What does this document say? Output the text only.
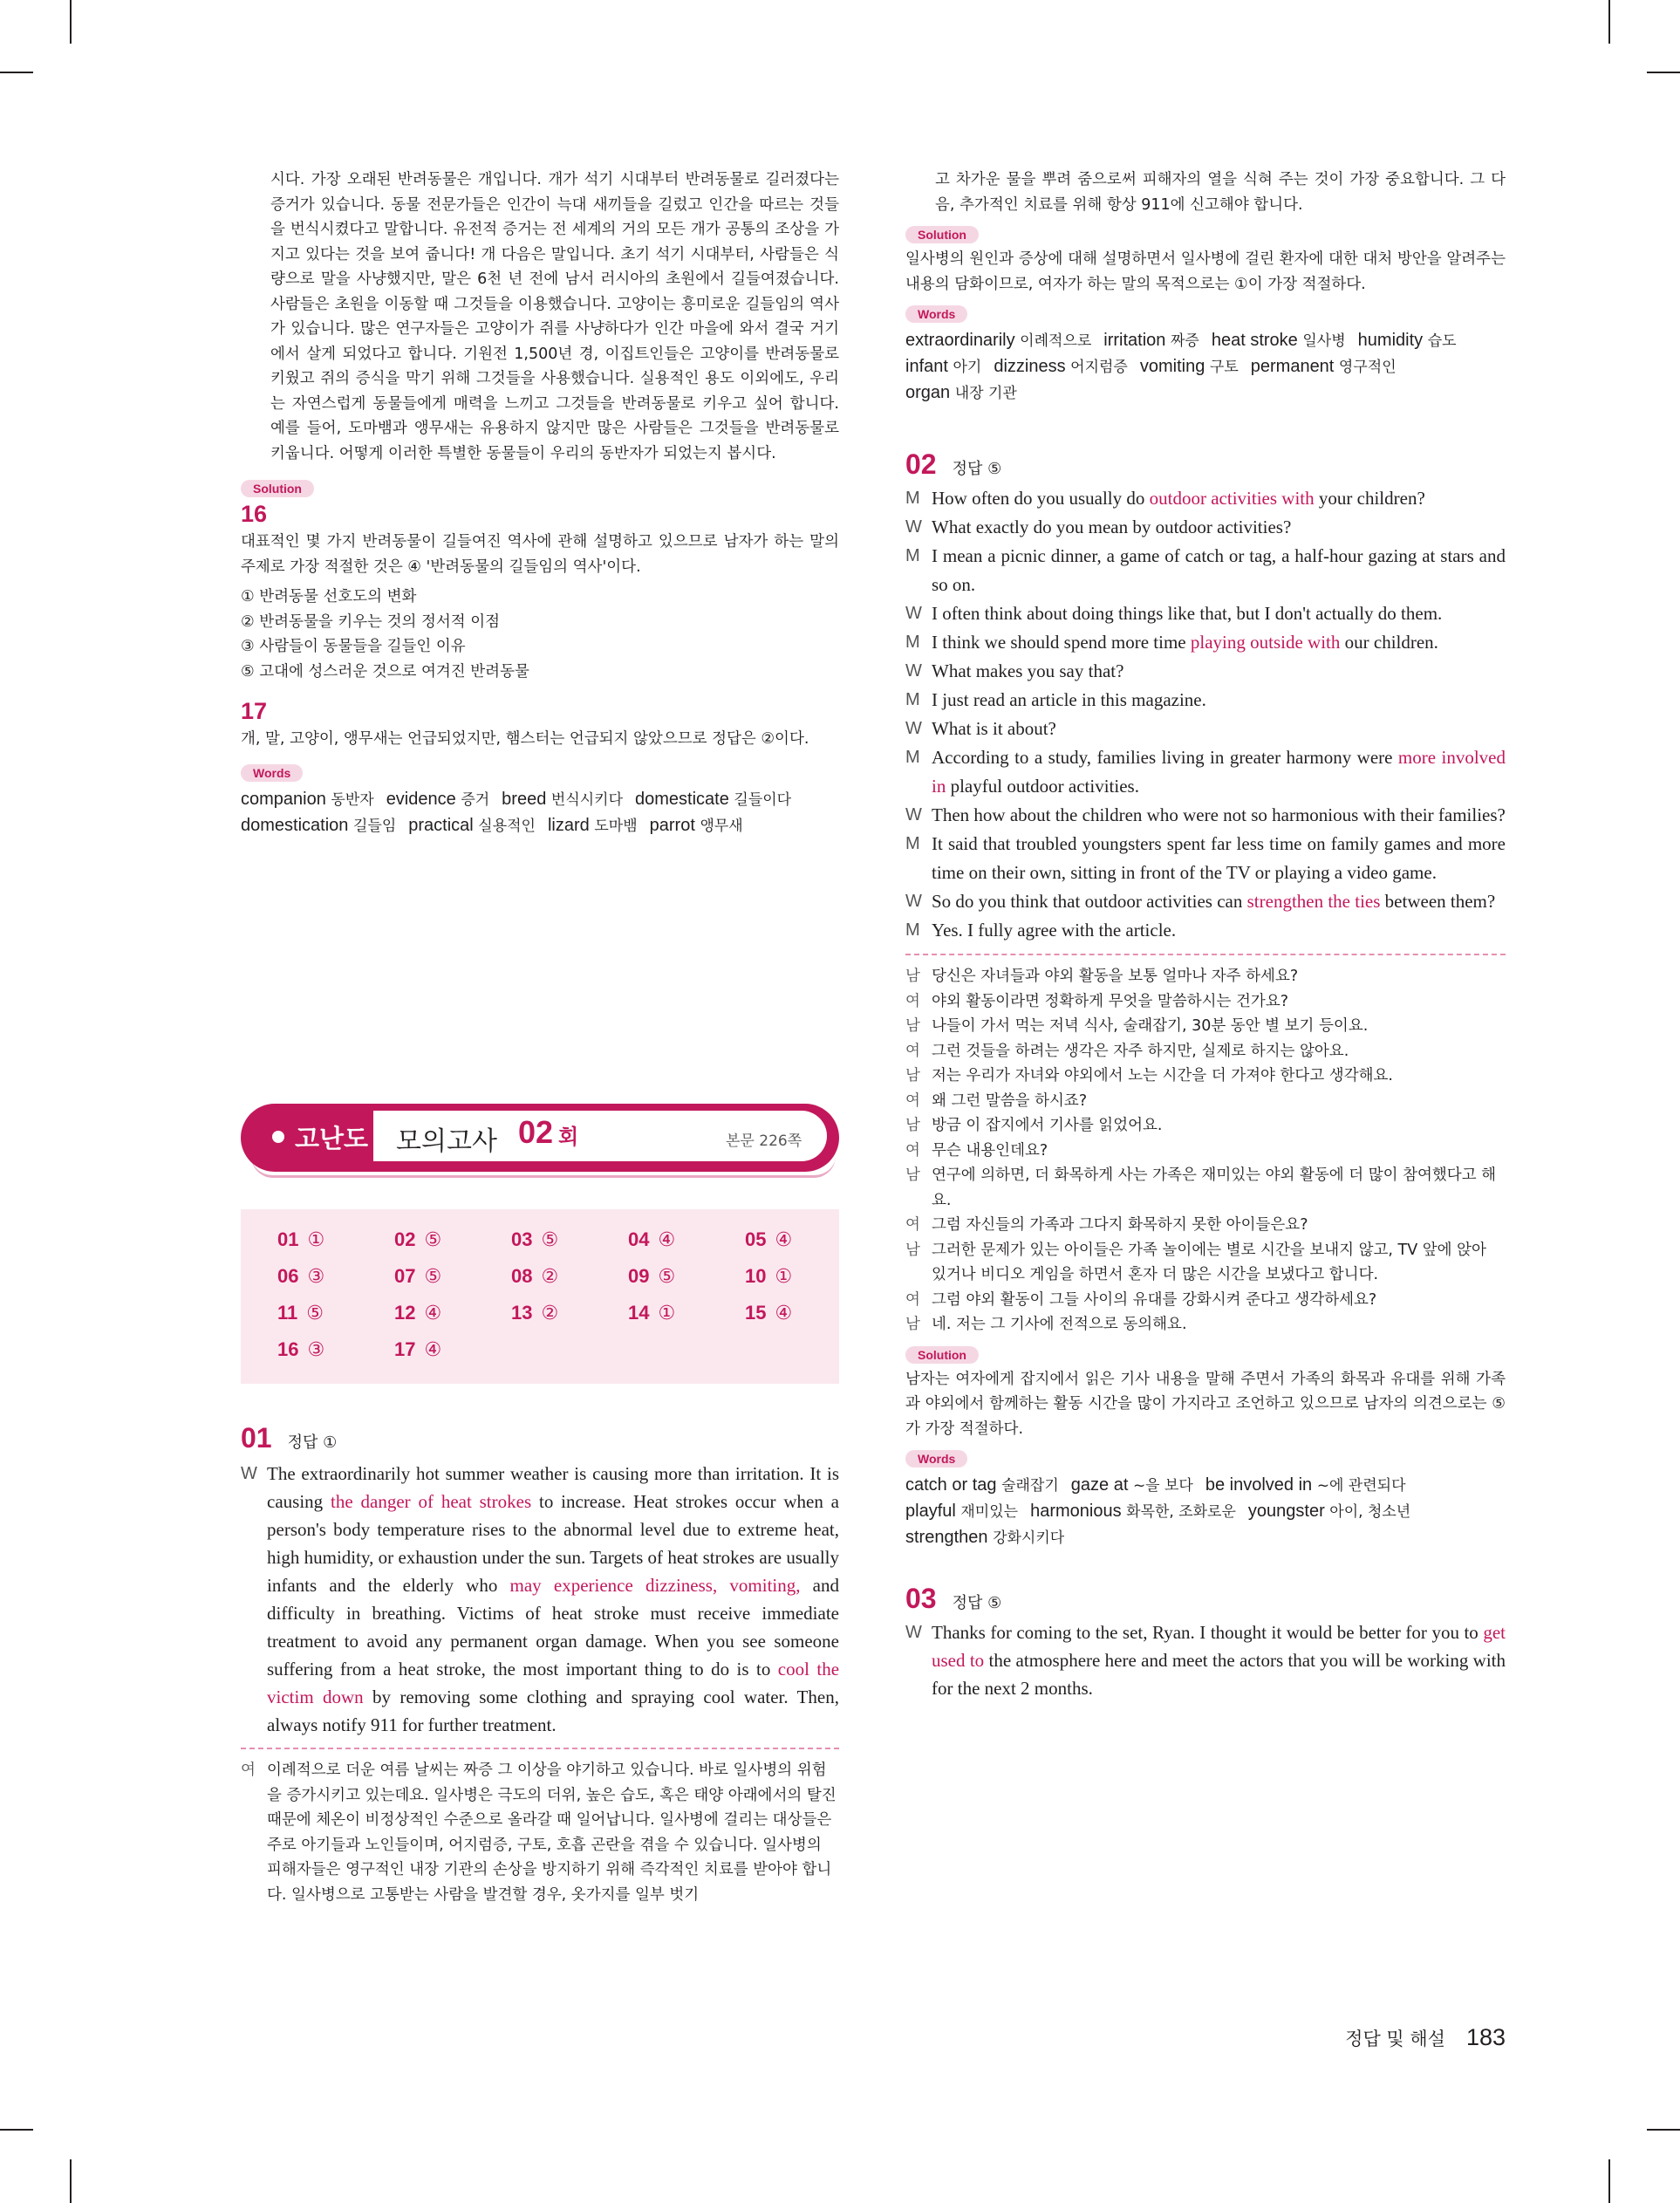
시다. 가장 오래된 반려동물은 개입니다. 개가 석기 시대부터 반려동물로 길러졌다는 증거가 있습니다. 동물 전문가들은 인간이 늑대 새끼들을 길렀고 인간을 따르는 것들을 번식시켰다고 말합니다. 유전적 증거는 전 세계의 거의 모든 개가 공통의 조상을 가지고 있다는 것을 보여 줍니다! 개 다음은 말입니다. 초기 석기 시대부터, 사람들은 식량으로 말을 사냥했지만, 말은 6천 년 전에 남서 러시아의 초원에서 길들여졌습니다. 사람들은 초원을 이동할 때 그것들을 이용했습니다. 고양이는 흥미로운 길들임의 역사가 있습니다. 많은 연구자들은 고양이가 쥐를 사냥하다가 인간 마을에 와서 결국 거기에서 살게 되었다고 합니다. 기원전 1,500년 경, 이집트인들은 고양이를 반려동물로 키웠고 쥐의 증식을 막기 위해 그것들을 사용했습니다. 실용적인 용도 이외에도, 우리는 자연스럽게 동물들에게 매력을 느끼고 그것들을 반려동물로 키우고 싶어 합니다. 예를 들어, 도마뱀과 앵무새는 유용하지 않지만 많은 사람들은 그것들을 반려동물로 키웁니다. 어떻게 이러한 특별한 동물들이 우리의 동반자가 되었는지 봅시다.
Solution
16
대표적인 몇 가지 반려동물이 길들여진 역사에 관해 설명하고 있으므로 남자가 하는 말의 주제로 가장 적절한 것은 ④ '반려동물의 길들임의 역사'이다.
① 반려동물 선호도의 변화
② 반려동물을 키우는 것의 정서적 이점
③ 사람들이 동물들을 길들인 이유
⑤ 고대에 성스러운 것으로 여겨진 반려동물
17
개, 말, 고양이, 앵무새는 언급되었지만, 햄스터는 언급되지 않았으므로 정답은 ②이다.
Words
companion 동반자 evidence 증거 breed 번식시키다 domesticate 길들이다domestication 길들임 practical 실용적인 lizard 도마뱀 parrot 앵무새
고난도 모의고사 02 회	본문 226쪽
01 ①	02 ⑤	03 ⑤	04 ④	05 ④
06 ③	07 ⑤	08 ②	09 ⑤	10 ①
11 ⑤	12 ④	13 ②	14 ①	15 ④
16 ③	17 ④
01 정답 ①
W The extraordinarily hot summer weather is causing more than irritation. It is causing the danger of heat strokes to increase. Heat strokes occur when a person's body temperature rises to the abnormal level due to extreme heat, high humidity, or exhaustion under the sun. Targets of heat strokes are usually infants and the elderly who may experience dizziness, vomiting, and difficulty in breathing. Victims of heat stroke must receive immediate treatment to avoid any permanent organ damage. When you see someone suffering from a heat stroke, the most important thing to do is to cool the victim down by removing some clothing and spraying cool water. Then, always notify 911 for further treatment.
여 이례적으로 더운 여름 날씨는 짜증 그 이상을 야기하고 있습니다. 바로 일사병의 위험을 증가시키고 있는데요. 일사병은 극도의 더위, 높은 습도, 혹은 태양 아래에서의 탈진 때문에 체온이 비정상적인 수준으로 올라갈 때 일어납니다. 일사병에 걸리는 대상들은 주로 아기들과 노인들이며, 어지럼증, 구토, 호흡 곤란을 겪을 수 있습니다. 일사병의 피해자들은 영구적인 내장 기관의 손상을 방지하기 위해 즉각적인 치료를 받아야 합니다. 일사병으로 고통받는 사람을 발견할 경우, 옷가지를 일부 벗기
고 차가운 물을 뿌려 줌으로써 피해자의 열을 식혀 주는 것이 가장 중요합니다. 그 다음, 추가적인 치료를 위해 항상 911에 신고해야 합니다.
Solution
일사병의 원인과 증상에 대해 설명하면서 일사병에 걸린 환자에 대한 대처 방안을 알려주는 내용의 담화이므로, 여자가 하는 말의 목적으로는 ①이 가장 적절하다.
Words
extraordinarily 이례적으로 irritation 짜증 heat stroke 일사병 humidity 습도infant 아기 dizziness 어지럼증 vomiting 구토 permanent 영구적인organ 내장 기관
02 정답 ⑤
M How often do you usually do outdoor activities with your children?
W What exactly do you mean by outdoor activities?
M I mean a picnic dinner, a game of catch or tag, a half-hour gazing at stars and so on.
W I often think about doing things like that, but I don't actually do them.
M I think we should spend more time playing outside with our children.
W What makes you say that?
M I just read an article in this magazine.
W What is it about?
M According to a study, families living in greater harmony were more involved in playful outdoor activities.
W Then how about the children who were not so harmonious with their families?
M It said that troubled youngsters spent far less time on family games and more time on their own, sitting in front of the TV or playing a video game.
W So do you think that outdoor activities can strengthen the ties between them?
M Yes. I fully agree with the article.
남 당신은 자녀들과 야외 활동을 보통 얼마나 자주 하세요?
여 야외 활동이라면 정확하게 무엇을 말씀하시는 건가요?
남 나들이 가서 먹는 저녁 식사, 술래잡기, 30분 동안 별 보기 등이요.
여 그런 것들을 하려는 생각은 자주 하지만, 실제로 하지는 않아요.
남 저는 우리가 자녀와 야외에서 노는 시간을 더 가져야 한다고 생각해요.
여 왜 그런 말씀을 하시죠?
남 방금 이 잡지에서 기사를 읽었어요.
여 무슨 내용인데요?
남 연구에 의하면, 더 화목하게 사는 가족은 재미있는 야외 활동에 더 많이 참여했다고 해요.
여 그럼 자신들의 가족과 그다지 화목하지 못한 아이들은요?
남 그러한 문제가 있는 아이들은 가족 놀이에는 별로 시간을 보내지 않고, TV 앞에 앉아 있거나 비디오 게임을 하면서 혼자 더 많은 시간을 보냈다고 합니다.
여 그럼 야외 활동이 그들 사이의 유대를 강화시켜 준다고 생각하세요?
남 네. 저는 그 기사에 전적으로 동의해요.
Solution
남자는 여자에게 잡지에서 읽은 기사 내용을 말해 주면서 가족의 화목과 유대를 위해 가족과 야외에서 함께하는 활동 시간을 많이 가지라고 조언하고 있으므로 남자의 의견으로는 ⑤가 가장 적절하다.
Words
catch or tag 술래잡기 gaze at ~을 보다 be involved in ~에 관련되다playful 재미있는 harmonious 화목한, 조화로운 youngster 아이, 청소년strengthen 강화시키다
03 정답 ⑤
W Thanks for coming to the set, Ryan. I thought it would be better for you to get used to the atmosphere here and meet the actors that you will be working with for the next 2 months.
정답 및 해설 183
